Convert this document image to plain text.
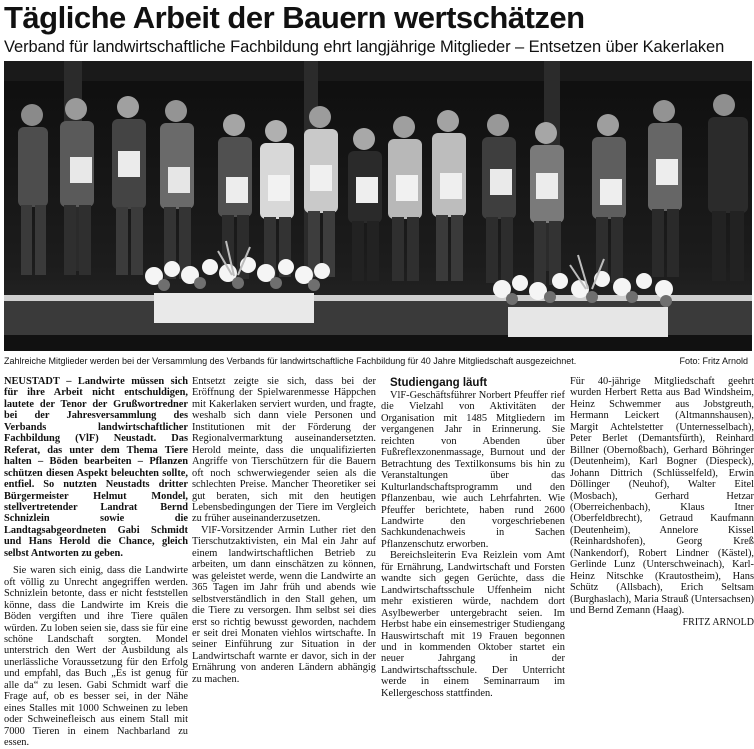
Tägliche Arbeit der Bauern wertschätzen
Verband für landwirtschaftliche Fachbildung ehrt langjährige Mitglieder – Entsetzen über Kakerlaken
Zahlreiche Mitglieder werden bei der Versammlung des Verbands für landwirtschaftliche Fachbildung für 40 Jahre Mitgliedschaft ausgezeichnet.	Foto: Fritz Arnold

NEUSTADT – Landwirte müssen sich für ihre Arbeit nicht entschuldigen, lautete der Tenor der Grußwortredner bei der Jahresversammlung des Verbands landwirtschaftlicher Fachbildung (VlF) Neustadt. Das Referat, das unter dem Thema Tiere halten – Böden bearbeiten – Pflanzen schützen diesen Aspekt beleuchten sollte, entfiel. So nutzten Neustadts dritter Bürgermeister Helmut Mondel, stellvertretender Landrat Bernd Schnizlein sowie die Landtagsabgeordneten Gabi Schmidt und Hans Herold die Chance, gleich selbst Antworten zu geben.

Sie waren sich einig, dass die Landwirte oft völlig zu Unrecht angegriffen werden. Schnizlein betonte, dass er nicht feststellen könne, dass die Landwirte im Kreis die Böden vergiften und ihre Tiere quälen würden. Zu loben seien sie, dass sie für eine schöne Landschaft sorgten. Mondel unterstrich den Wert der Ausbildung als unerlässliche Voraussetzung für den Erfolg und empfahl, das Buch „Es ist genug für alle da“ zu lesen. Gabi Schmidt warf die Frage auf, ob es besser sei, in der Nähe eines Stalles mit 1000 Schweinen zu leben oder Schweinefleisch aus einem Stall mit 7000 Tieren in einem Nachbarland zu essen.

Entsetzt zeigte sie sich, dass bei der Eröffnung der Spielwarenmesse Häppchen mit Kakerlaken serviert wurden, und fragte, weshalb sich dann viele Personen und Institutionen mit der Förderung der Regionalvermarktung auseinandersetzten. Herold meinte, dass die unqualifizierten Angriffe von Tierschützern für die Bauern oft noch schwerwiegender seien als die schlechten Preise. Mancher Theoretiker sei gut beraten, sich mit den heutigen Lebensbedingungen der Tiere im Vergleich zu früher auseinanderzusetzen.

VlF-Vorsitzender Armin Luther riet den Tierschutzaktivisten, ein Mal ein Jahr auf einem landwirtschaftlichen Betrieb zu arbeiten, um dann einschätzen zu können, was geleistet werde, wenn die Landwirte an 365 Tagen im Jahr früh und abends wie selbstverständlich in den Stall gehen, um die Tiere zu versorgen. Ihm selbst sei dies erst so richtig bewusst geworden, nachdem er seit drei Monaten viehlos wirtschafte. In seiner Einführung zur Situation in der Landwirtschaft warnte er davor, sich in der Ernährung von anderen Ländern abhängig zu machen.

Studiengang läuft

VlF-Geschäftsführer Norbert Pfeuffer rief die Vielzahl von Aktivitäten der Organisation mit 1485 Mitgliedern im vergangenen Jahr in Erinnerung. Sie reichten von Abenden über Fußreflexzonenmassage, Burnout und der Betrachtung des Textilkonsums bis hin zu Veranstaltungen über das Kulturlandschaftsprogramm und den Pflanzenbau, wie auch Lehrfahrten. Wie Pfeuffer berichtete, haben rund 2600 Landwirte den vorgeschriebenen Sachkundenachweis in Sachen Pflanzenschutz erworben.

Bereichsleiterin Eva Reizlein vom Amt für Ernährung, Landwirtschaft und Forsten wandte sich gegen Gerüchte, dass die Landwirtschaftsschule Uffenheim nicht mehr existieren würde, nachdem dort Asylbewerber untergebracht seien. Im Herbst habe ein einsemestriger Studiengang Hauswirtschaft mit 19 Frauen begonnen und in kommenden Oktober startet ein neuer Jahrgang in der Landwirtschaftsschule. Der Unterricht werde in einem Seminarraum im Kellergeschoss stattfinden.

Für 40-jährige Mitgliedschaft geehrt wurden Herbert Retta aus Bad Windsheim, Heinz Schwemmer aus Jobstgreuth, Hermann Leickert (Altmannshausen), Margit Achtelstetter (Unternesselbach), Peter Berlet (Demantsfürth), Reinhard Billner (Obernoßbach), Gerhard Böhringer (Deutenheim), Karl Bogner (Diespeck), Johann Dittrich (Schlüsselfeld), Erwin Döllinger (Neuhof), Walter Eitel (Mosbach), Gerhard Hetzar (Oberreichenbach), Klaus Itner (Oberfeldbrecht), Getraud Kaufmann (Deutenheim), Annelore Kissel (Reinhardshofen), Georg Kreß (Nankendorf), Robert Lindner (Kästel), Gerlinde Lunz (Unterschweinach), Karl-Heinz Nitschke (Krautostheim), Hans Schütz (Allsbach), Erich Seltsam (Burghaslach), Maria Strauß (Untersachsen) und Bernd Zemann (Haag).

FRITZ ARNOLD
